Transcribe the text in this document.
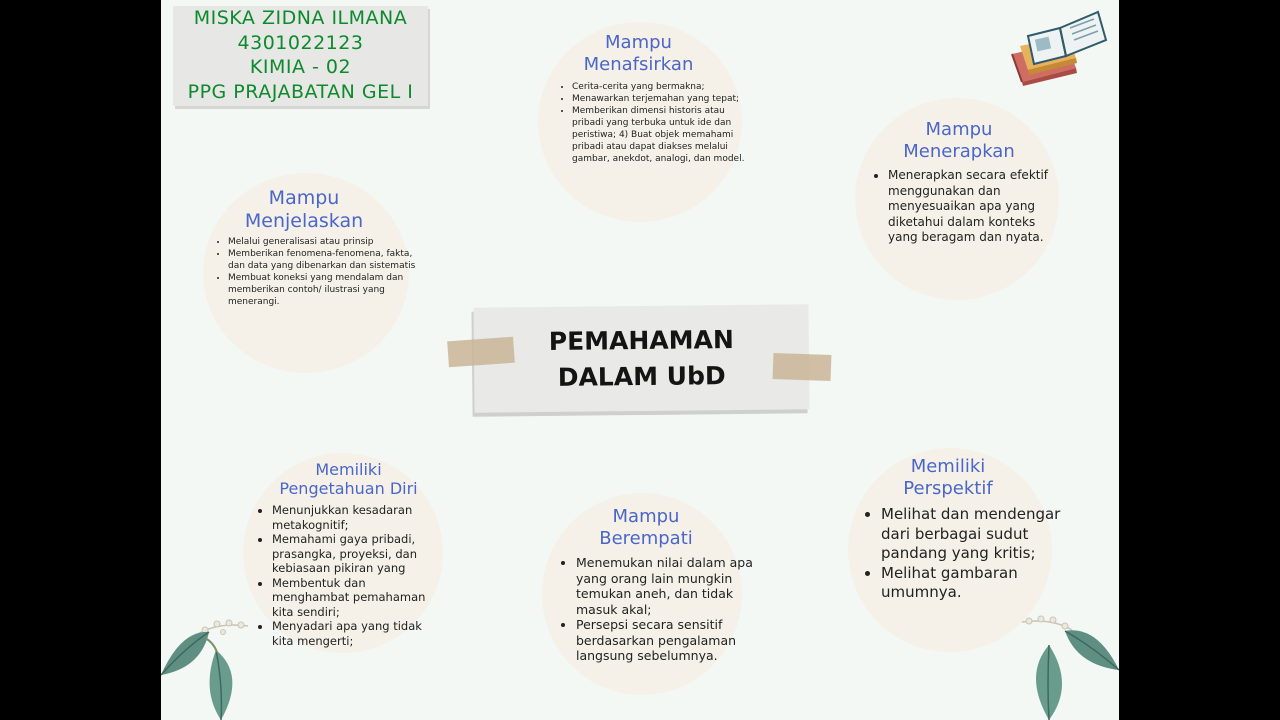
MISKA ZIDNA ILMANA
4301022123
KIMIA - 02
PPG PRAJABATAN GEL I
Mampu
Menafsirkan
• Cerita-cerita yang bermakna;
• Menawarkan terjemahan yang tepat;
• Memberikan dimensi historis atau pribadi yang terbuka untuk ide dan peristiwa; 4) Buat objek memahami pribadi atau dapat diakses melalui gambar, anekdot, analogi, dan model.
Mampu
Menerapkan
• Menerapkan secara efektif menggunakan dan menyesuaikan apa yang diketahui dalam konteks yang beragam dan nyata.
Mampu
Menjelaskan
• Melalui generalisasi atau prinsip
• Memberikan fenomena-fenomena, fakta, dan data yang dibenarkan dan sistematis
• Membuat koneksi yang mendalam dan memberikan contoh/ ilustrasi yang menerangi.
PEMAHAMAN
DALAM UbD
Memiliki
Pengetahuan Diri
• Menunjukkan kesadaran metakognitif;
• Memahami gaya pribadi, prasangka, proyeksi, dan kebiasaan pikiran yang
• Membentuk dan menghambat pemahaman kita sendiri;
• Menyadari apa yang tidak kita mengerti;
Mampu
Berempati
• Menemukan nilai dalam apa yang orang lain mungkin temukan aneh, dan tidak masuk akal;
• Persepsi secara sensitif berdasarkan pengalaman langsung sebelumnya.
Memiliki
Perspektif
• Melihat dan mendengar dari berbagai sudut pandang yang kritis;
• Melihat gambaran umumnya.
